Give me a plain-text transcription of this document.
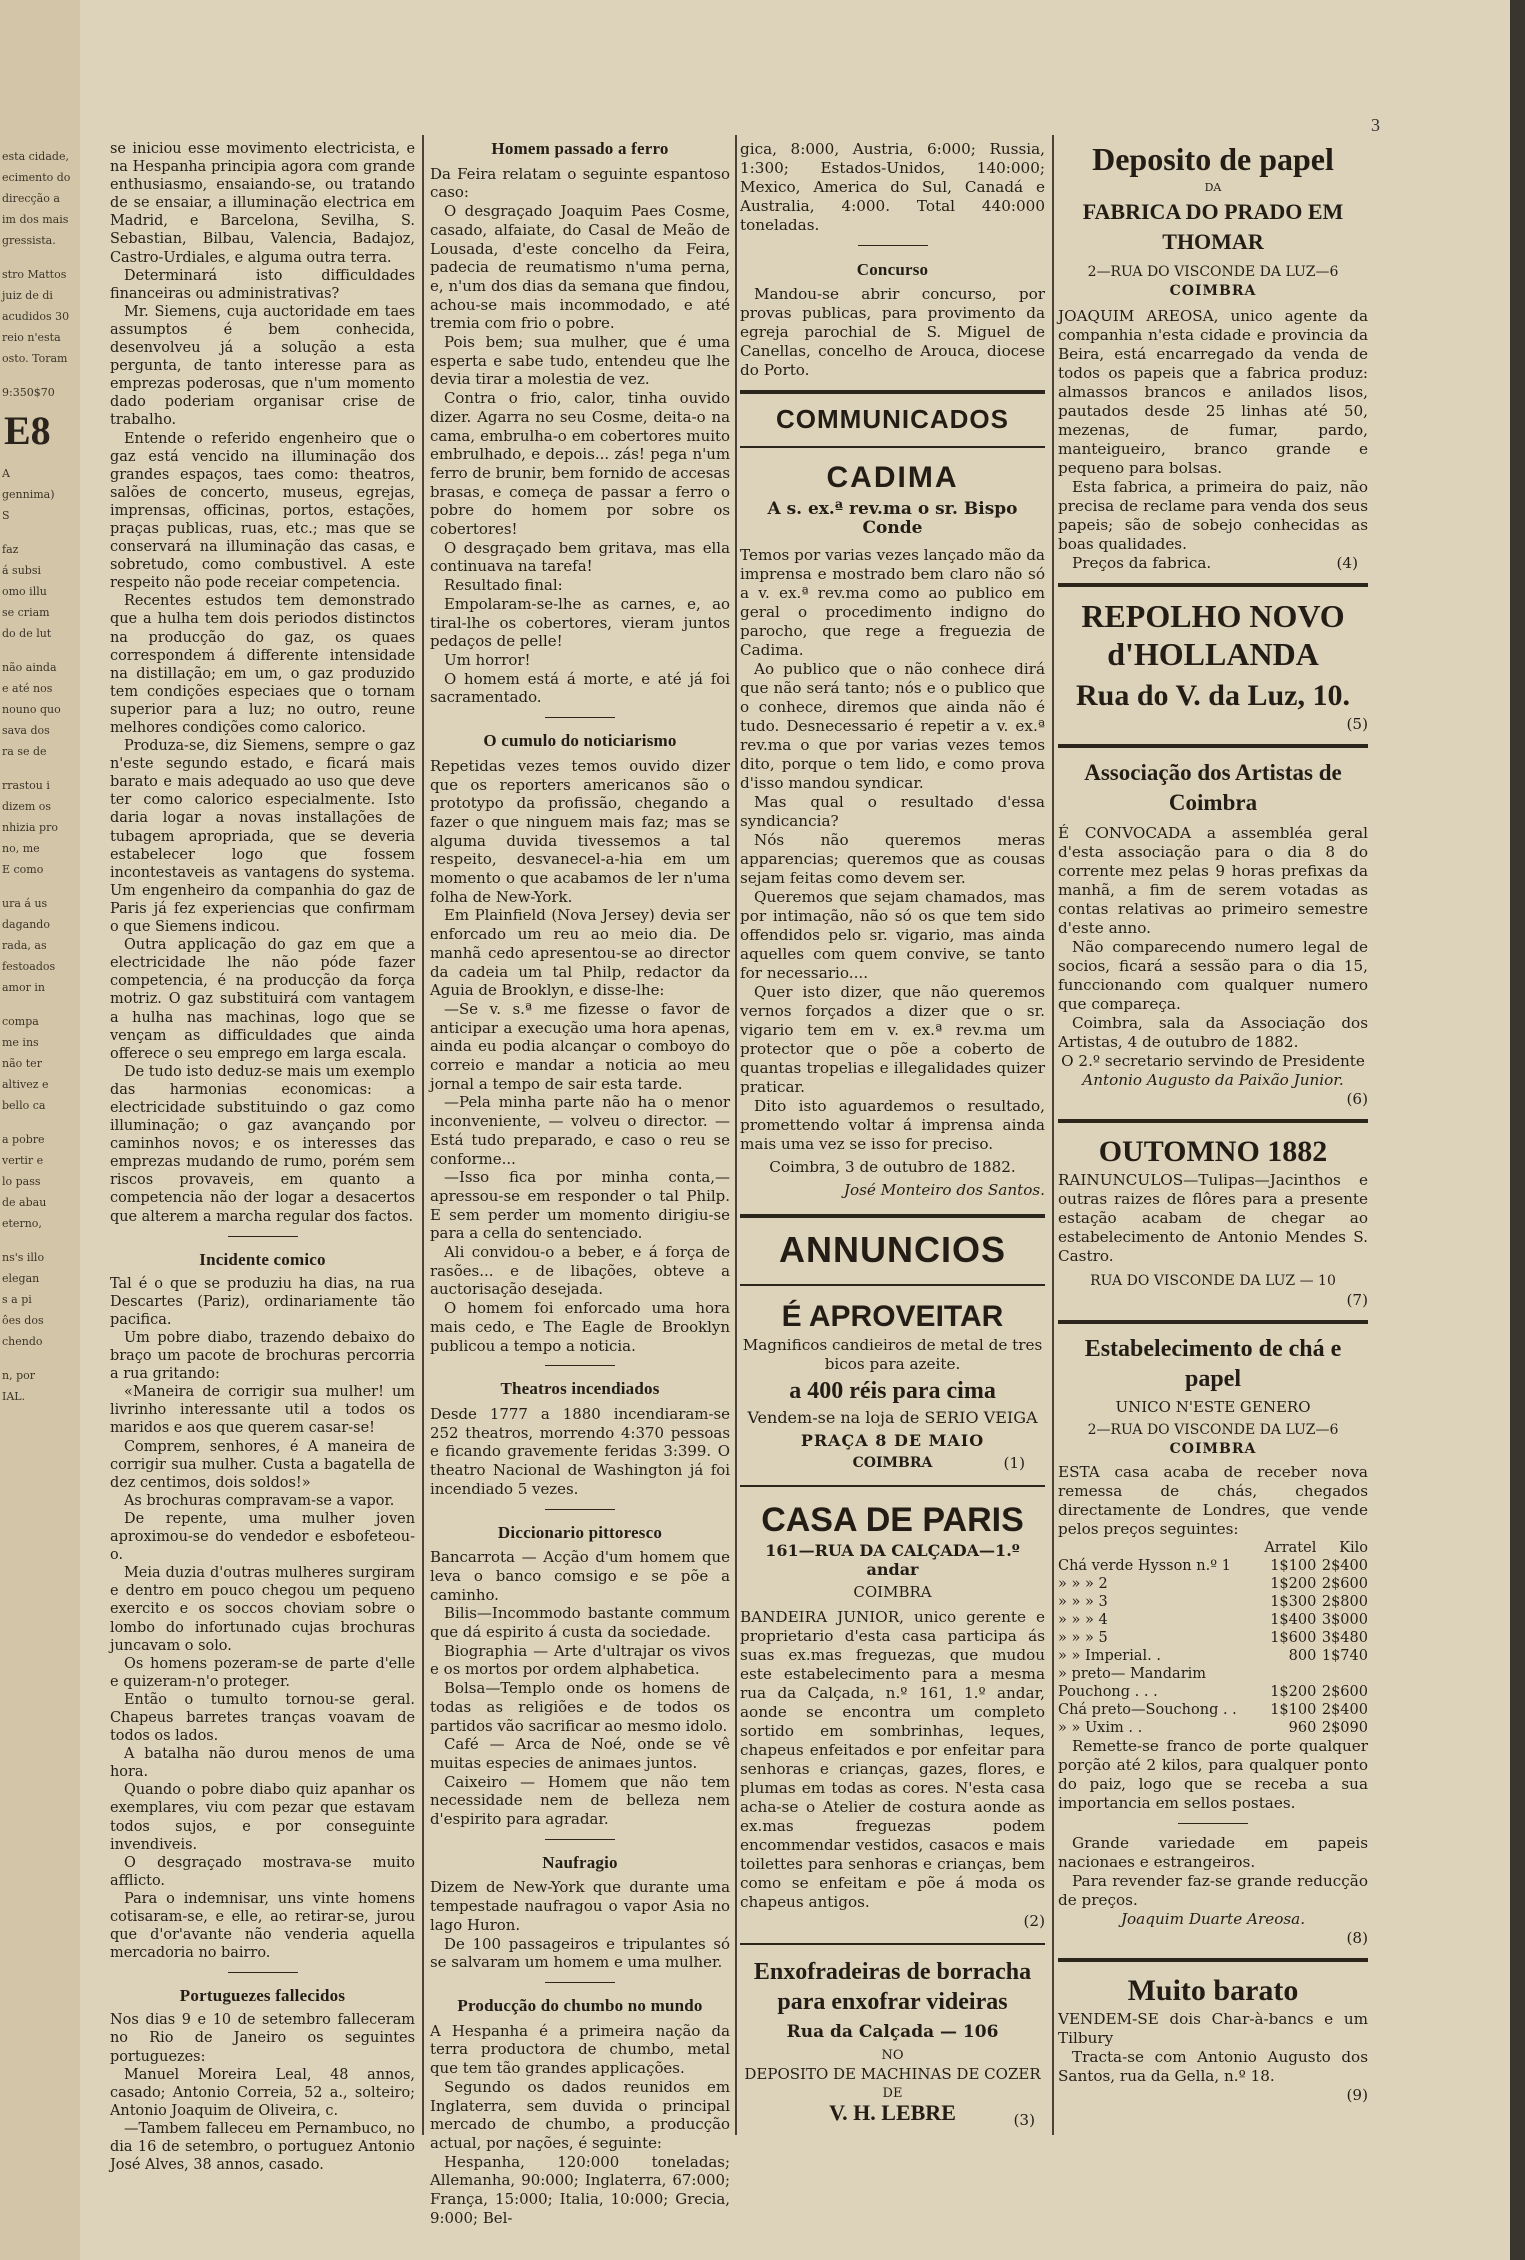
esta cidade,
ecimento do
direcção a
im dos mais
gressista.
stro Mattos
juiz de di
acudidos 30
reio n'esta
osto. Toram
9:350$70
E8
A
gennima)
S
faz
á subsi
omo illu
se criam
do de lut
não ainda
e até nos
nouno quo
sava dos
ra se de
rrastou i
dizem os
nhizia pro
no, me
E como
ura á us
dagando
rada, as
festoados
amor in
compa
me ins
não ter
altivez e
bello ca
a pobre
vertir e
lo pass
de abau
eterno,
ns's illo
elegan
s a pi
ôes dos
chendo
n, por
IAL.
3

se iniciou esse movimento electricista, e na Hespanha principia agora com grande enthusiasmo, ensaiando-se, ou tratando de se ensaiar, a illuminação electrica em Madrid, e Barcelona, Sevilha, S. Sebastian, Bilbau, Valencia, Badajoz, Castro-Urdiales, e alguma outra terra.

Determinará isto difficuldades financeiras ou administrativas?

Mr. Siemens, cuja auctoridade em taes assumptos é bem conhecida, desenvolveu já a solução a esta pergunta, de tanto interesse para as emprezas poderosas, que n'um momento dado poderiam organisar crise de trabalho.

Entende o referido engenheiro que o gaz está vencido na illuminação dos grandes espaços, taes como: theatros, salões de concerto, museus, egrejas, imprensas, officinas, portos, estações, praças publicas, ruas, etc.; mas que se conservará na illuminação das casas, e sobretudo, como combustivel. A este respeito não pode receiar competencia.

Recentes estudos tem demonstrado que a hulha tem dois periodos distinctos na producção do gaz, os quaes correspondem á differente intensidade na distillação; em um, o gaz produzido tem condições especiaes que o tornam superior para a luz; no outro, reune melhores condições como calorico.

Produza-se, diz Siemens, sempre o gaz n'este segundo estado, e ficará mais barato e mais adequado ao uso que deve ter como calorico especialmente. Isto daria logar a novas installações de tubagem apropriada, que se deveria estabelecer logo que fossem incontestaveis as vantagens do systema. Um engenheiro da companhia do gaz de Paris já fez experiencias que confirmam o que Siemens indicou.

Outra applicação do gaz em que a electricidade lhe não póde fazer competencia, é na producção da força motriz. O gaz substituirá com vantagem a hulha nas machinas, logo que se vençam as difficuldades que ainda offerece o seu emprego em larga escala.

De tudo isto deduz-se mais um exemplo das harmonias economicas: a electricidade substituindo o gaz como illuminação; o gaz avançando por caminhos novos; e os interesses das emprezas mudando de rumo, porém sem riscos provaveis, em quanto a competencia não der logar a desacertos que alterem a marcha regular dos factos.

Incidente comico

Tal é o que se produziu ha dias, na rua Descartes (Pariz), ordinariamente tão pacifica.

Um pobre diabo, trazendo debaixo do braço um pacote de brochuras percorria a rua gritando:

«Maneira de corrigir sua mulher! um livrinho interessante util a todos os maridos e aos que querem casar-se!

Comprem, senhores, é A maneira de corrigir sua mulher. Custa a bagatella de dez centimos, dois soldos!»

As brochuras compravam-se a vapor.

De repente, uma mulher joven aproximou-se do vendedor e esbofeteou-o.

Meia duzia d'outras mulheres surgiram e dentro em pouco chegou um pequeno exercito e os soccos choviam sobre o lombo do infortunado cujas brochuras juncavam o solo.

Os homens pozeram-se de parte d'elle e quizeram-n'o proteger.

Então o tumulto tornou-se geral. Chapeus barretes tranças voavam de todos os lados.

A batalha não durou menos de uma hora.

Quando o pobre diabo quiz apanhar os exemplares, viu com pezar que estavam todos sujos, e por conseguinte invendiveis.

O desgraçado mostrava-se muito afflicto.

Para o indemnisar, uns vinte homens cotisaram-se, e elle, ao retirar-se, jurou que d'or'avante não venderia aquella mercadoria no bairro.

Portuguezes fallecidos

Nos dias 9 e 10 de setembro falleceram no Rio de Janeiro os seguintes portuguezes:

Manuel Moreira Leal, 48 annos, casado; Antonio Correia, 52 a., solteiro; Antonio Joaquim de Oliveira, c.

—Tambem falleceu em Pernambuco, no dia 16 de setembro, o portuguez Antonio José Alves, 38 annos, casado.

Homem passado a ferro

Da Feira relatam o seguinte espantoso caso:

O desgraçado Joaquim Paes Cosme, casado, alfaiate, do Casal de Meão de Lousada, d'este concelho da Feira, padecia de reumatismo n'uma perna, e, n'um dos dias da semana que findou, achou-se mais incommodado, e até tremia com frio o pobre.

Pois bem; sua mulher, que é uma esperta e sabe tudo, entendeu que lhe devia tirar a molestia de vez.

Contra o frio, calor, tinha ouvido dizer. Agarra no seu Cosme, deita-o na cama, embrulha-o em cobertores muito embrulhado, e depois... zás! pega n'um ferro de brunir, bem fornido de accesas brasas, e começa de passar a ferro o pobre do homem por sobre os cobertores!

O desgraçado bem gritava, mas ella continuava na tarefa!

Resultado final:

Empolaram-se-lhe as carnes, e, ao tiral-lhe os cobertores, vieram juntos pedaços de pelle!

Um horror!

O homem está á morte, e até já foi sacramentado.

O cumulo do noticiarismo

Repetidas vezes temos ouvido dizer que os reporters americanos são o prototypo da profissão, chegando a fazer o que ninguem mais faz; mas se alguma duvida tivessemos a tal respeito, desvanecel-a-hia em um momento o que acabamos de ler n'uma folha de New-York.

Em Plainfield (Nova Jersey) devia ser enforcado um reu ao meio dia. De manhã cedo apresentou-se ao director da cadeia um tal Philp, redactor da Aguia de Brooklyn, e disse-lhe:

—Se v. s.ª me fizesse o favor de anticipar a execução uma hora apenas, ainda eu podia alcançar o comboyo do correio e mandar a noticia ao meu jornal a tempo de sair esta tarde.

—Pela minha parte não ha o menor inconveniente, — volveu o director. — Está tudo preparado, e caso o reu se conforme...

—Isso fica por minha conta,—apressou-se em responder o tal Philp. E sem perder um momento dirigiu-se para a cella do sentenciado.

Ali convidou-o a beber, e á força de rasões... e de libações, obteve a auctorisação desejada.

O homem foi enforcado uma hora mais cedo, e The Eagle de Brooklyn publicou a tempo a noticia.

Theatros incendiados

Desde 1777 a 1880 incendiaram-se 252 theatros, morrendo 4:370 pessoas e ficando gravemente feridas 3:399. O theatro Nacional de Washington já foi incendiado 5 vezes.

Diccionario pittoresco

Bancarrota — Acção d'um homem que leva o banco comsigo e se põe a caminho.

Bilis—Incommodo bastante commum que dá espirito á custa da sociedade.

Biographia — Arte d'ultrajar os vivos e os mortos por ordem alphabetica.

Bolsa—Templo onde os homens de todas as religiões e de todos os partidos vão sacrificar ao mesmo idolo.

Café — Arca de Noé, onde se vê muitas especies de animaes juntos.

Caixeiro — Homem que não tem necessidade nem de belleza nem d'espirito para agradar.

Naufragio

Dizem de New-York que durante uma tempestade naufragou o vapor Asia no lago Huron.

De 100 passageiros e tripulantes só se salvaram um homem e uma mulher.

Producção do chumbo no mundo

A Hespanha é a primeira nação da terra productora de chumbo, metal que tem tão grandes applicações.

Segundo os dados reunidos em Inglaterra, sem duvida o principal mercado de chumbo, a producção actual, por nações, é seguinte:

Hespanha, 120:000 toneladas; Allemanha, 90:000; Inglaterra, 67:000; França, 15:000; Italia, 10:000; Grecia, 9:000; Bel-

gica, 8:000, Austria, 6:000; Russia, 1:300; Estados-Unidos, 140:000; Mexico, America do Sul, Canadá e Australia, 4:000. Total 440:000 toneladas.

Concurso

Mandou-se abrir concurso, por provas publicas, para provimento da egreja parochial de S. Miguel de Canellas, concelho de Arouca, diocese do Porto.

COMMUNICADOS
CADIMA
A s. ex.ª rev.ma o sr. Bispo Conde

Temos por varias vezes lançado mão da imprensa e mostrado bem claro não só a v. ex.ª rev.ma como ao publico em geral o procedimento indigno do parocho, que rege a freguezia de Cadima.

Ao publico que o não conhece dirá que não será tanto; nós e o publico que o conhece, diremos que ainda não é tudo. Desnecessario é repetir a v. ex.ª rev.ma o que por varias vezes temos dito, porque o tem lido, e como prova d'isso mandou syndicar.

Mas qual o resultado d'essa syndicancia?

Nós não queremos meras apparencias; queremos que as cousas sejam feitas como devem ser.

Queremos que sejam chamados, mas por intimação, não só os que tem sido offendidos pelo sr. vigario, mas ainda aquelles com quem convive, se tanto for necessario....

Quer isto dizer, que não queremos vernos forçados a dizer que o sr. vigario tem em v. ex.ª rev.ma um protector que o põe a coberto de quantas tropelias e illegalidades quizer praticar.

Dito isto aguardemos o resultado, promettendo voltar á imprensa ainda mais uma vez se isso for preciso.

Coimbra, 3 de outubro de 1882.

José Monteiro dos Santos.
ANNUNCIOS
É APROVEITAR

Magnificos candieiros de metal de tres bicos para azeite.

a 400 réis para cima
Vendem-se na loja de SERIO VEIGA
PRAÇA 8 DE MAIO
COIMBRA	(1)
CASA DE PARIS
161—RUA DA CALÇADA—1.º andar
COIMBRA

BANDEIRA JUNIOR, unico gerente e proprietario d'esta casa participa ás suas ex.mas freguezas, que mudou este estabelecimento para a mesma rua da Calçada, n.º 161, 1.º andar, aonde se encontra um completo sortido em sombrinhas, leques, chapeus enfeitados e por enfeitar para senhoras e crianças, gazes, flores, e plumas em todas as cores. N'esta casa acha-se o Atelier de costura aonde as ex.mas freguezas podem encommendar vestidos, casacos e mais toilettes para senhoras e crianças, bem como se enfeitam e põe á moda os chapeus antigos.

(2)
Enxofradeiras de borracha para enxofrar videiras
Rua da Calçada — 106
NO
DEPOSITO DE MACHINAS DE COZER
DE
V. H. LEBRE	(3)
Deposito de papel
DA
FABRICA DO PRADO EM THOMAR
2—RUA DO VISCONDE DA LUZ—6
COIMBRA

JOAQUIM AREOSA, unico agente da companhia n'esta cidade e provincia da Beira, está encarregado da venda de todos os papeis que a fabrica produz: almassos brancos e anilados lisos, pautados desde 25 linhas até 50, mezenas, de fumar, pardo, manteigueiro, branco grande e pequeno para bolsas.

Esta fabrica, a primeira do paiz, não precisa de reclame para venda dos seus papeis; são de sobejo conhecidas as boas qualidades.

Preços da fabrica.	(4)
REPOLHO NOVO d'HOLLANDA
Rua do V. da Luz, 10.
(5)
Associação dos Artistas de Coimbra

É CONVOCADA a assembléa geral d'esta associação para o dia 8 do corrente mez pelas 9 horas prefixas da manhã, a fim de serem votadas as contas relativas ao primeiro semestre d'este anno.

Não comparecendo numero legal de socios, ficará a sessão para o dia 15, funccionando com qualquer numero que compareça.

Coimbra, sala da Associação dos Artistas, 4 de outubro de 1882.

O 2.º secretario servindo de Presidente

Antonio Augusto da Paixão Junior.
(6)
OUTOMNO 1882

RAINUNCULOS—Tulipas—Jacinthos e outras raizes de flôres para a presente estação acabam de chegar ao estabelecimento de Antonio Mendes S. Castro.

RUA DO VISCONDE DA LUZ — 10
(7)
Estabelecimento de chá e papel
UNICO N'ESTE GENERO
2—RUA DO VISCONDE DA LUZ—6
COIMBRA

ESTA casa acaba de receber nova remessa de chás, chegados directamente de Londres, que vende pelos preços seguintes:

	Arratel	Kilo
Chá verde Hysson n.º 1	1$100	2$400
» » » 2	1$200	2$600
» » » 3	1$300	2$800
» » » 4	1$400	3$000
» » » 5	1$600	3$480
» » Imperial. .	800	1$740
» preto— Mandarim		
Pouchong . . .	1$200	2$600
Chá preto—Souchong . .	1$100	2$400
» » Uxim . .	960	2$090

Remette-se franco de porte qualquer porção até 2 kilos, para qualquer ponto do paiz, logo que se receba a sua importancia em sellos postaes.

Grande variedade em papeis nacionaes e estrangeiros.

Para revender faz-se grande reducção de preços.

Joaquim Duarte Areosa.
(8)
Muito barato

VENDEM-SE dois Char-à-bancs e um Tilbury

Tracta-se com Antonio Augusto dos Santos, rua da Gella, n.º 18.

(9)
